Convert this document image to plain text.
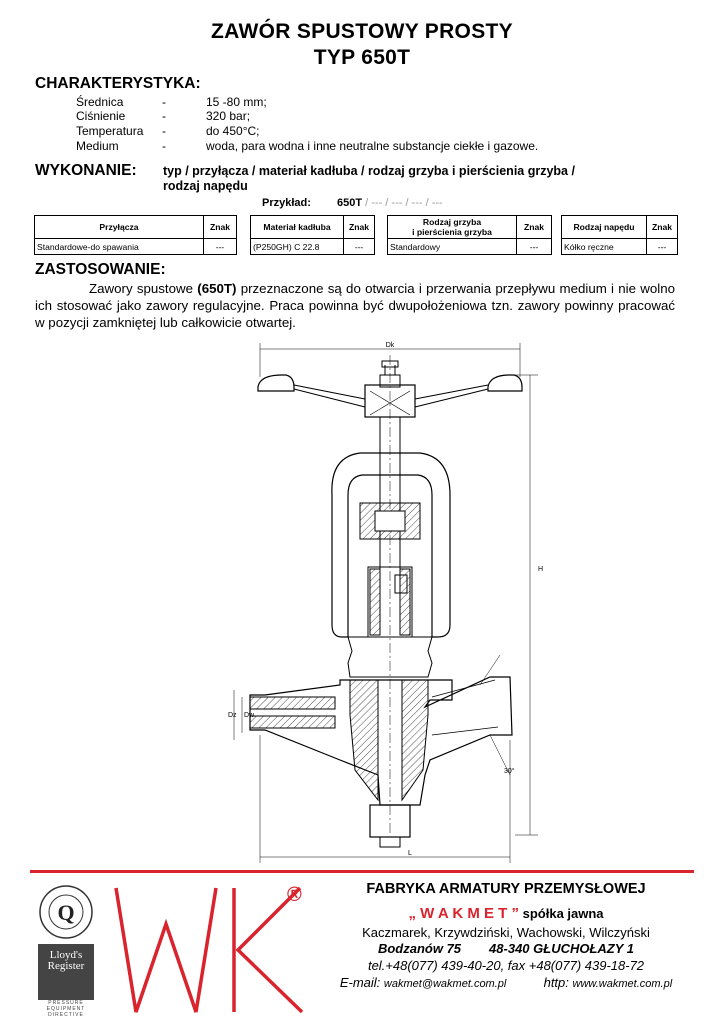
ZAWÓR SPUSTOWY PROSTY
TYP 650T
CHARAKTERYSTYKA:
Średnica	-	15 -80 mm;
Ciśnienie	-	320 bar;
Temperatura -	do 450°C;
Medium	-	woda, para wodna i inne neutralne substancje ciekłe i gazowe.
WYKONANIE: typ / przyłącza / materiał kadłuba / rodzaj grzyba i pierścienia grzyba /
rodzaj napędu
Przykład: 650T / --- / --- / --- / ---
Przyłącza	Znak
Standardowe-do spawania	---
Materiał kadłuba	Znak
(P250GH) C 22.8	---
Rodzaj grzyba
i pierścienia grzyba	Znak
Standardowy	---
Rodzaj napędu	Znak
Kółko ręczne	---
ZASTOSOWANIE:

Zawory spustowe (650T) przeznaczone są do otwarcia i przerwania przepływu medium i nie wolno ich stosować jako zawory regulacyjne. Praca powinna być dwupołożeniowa tzn. zawory powinny pracować w pozycji zamkniętej lub całkowicie otwartej.

Dk
H
L
Dz Dw
30°
Q
Lloyd's
Register
PRESSURE
EQUIPMENT
DIRECTIVE
®	FABRYKA ARMATURY PRZEMYSŁOWEJ
„ W A K M E T ” spółka jawna
Kaczmarek, Krzywdziński, Wachowski, Wilczyński
Bodzanów 75 48-340 GŁUCHOŁAZY 1
tel.+48(077) 439-40-20, fax +48(077) 439-18-72
E-mail: wakmet@wakmet.com.pl	http: www.wakmet.com.pl
